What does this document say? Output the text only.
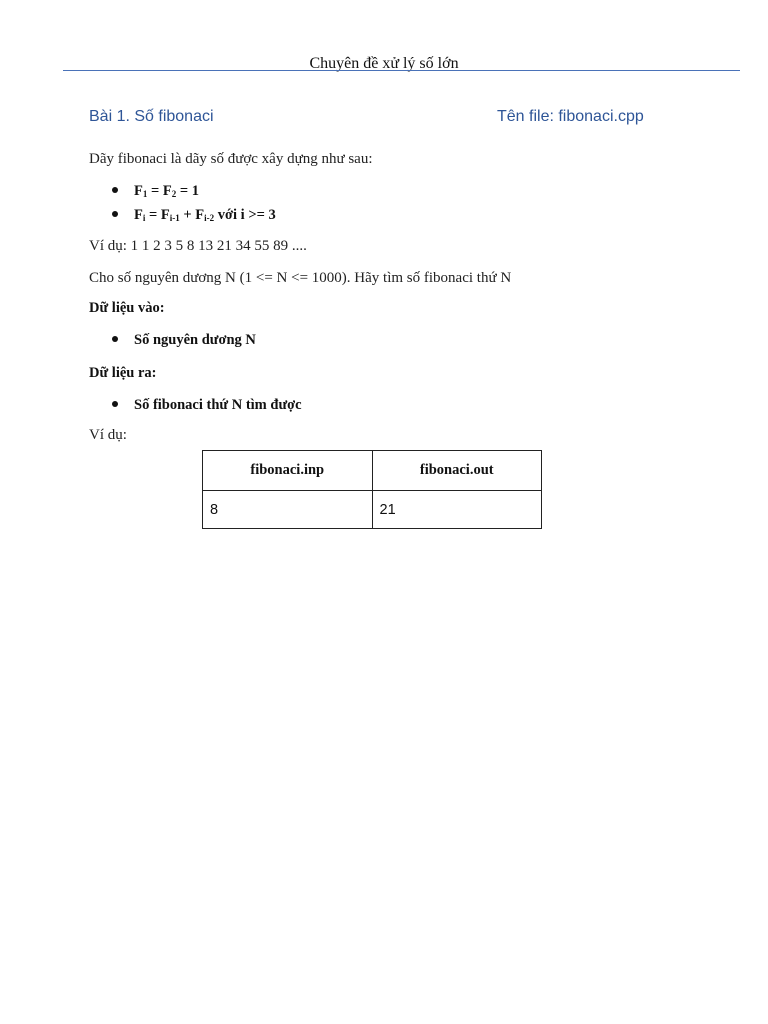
Chuyên đề xử lý số lớn
Bài 1. Số fibonaci	Tên file: fibonaci.cpp
Dãy fibonaci là dãy số được xây dựng như sau:
$F_1 = F_2 = 1$
$F_i = F_{i-1} + F_{i-2}$ với i >= 3
Ví dụ: 1 1 2 3 5 8 13 21 34 55 89 ....
Cho số nguyên dương N (1 <= N <= 1000). Hãy tìm số fibonaci thứ N
Dữ liệu vào:
Số nguyên dương N
Dữ liệu ra:
Số fibonaci thứ N tìm được
Ví dụ:
fibonaci.inp	fibonaci.out
8	21
